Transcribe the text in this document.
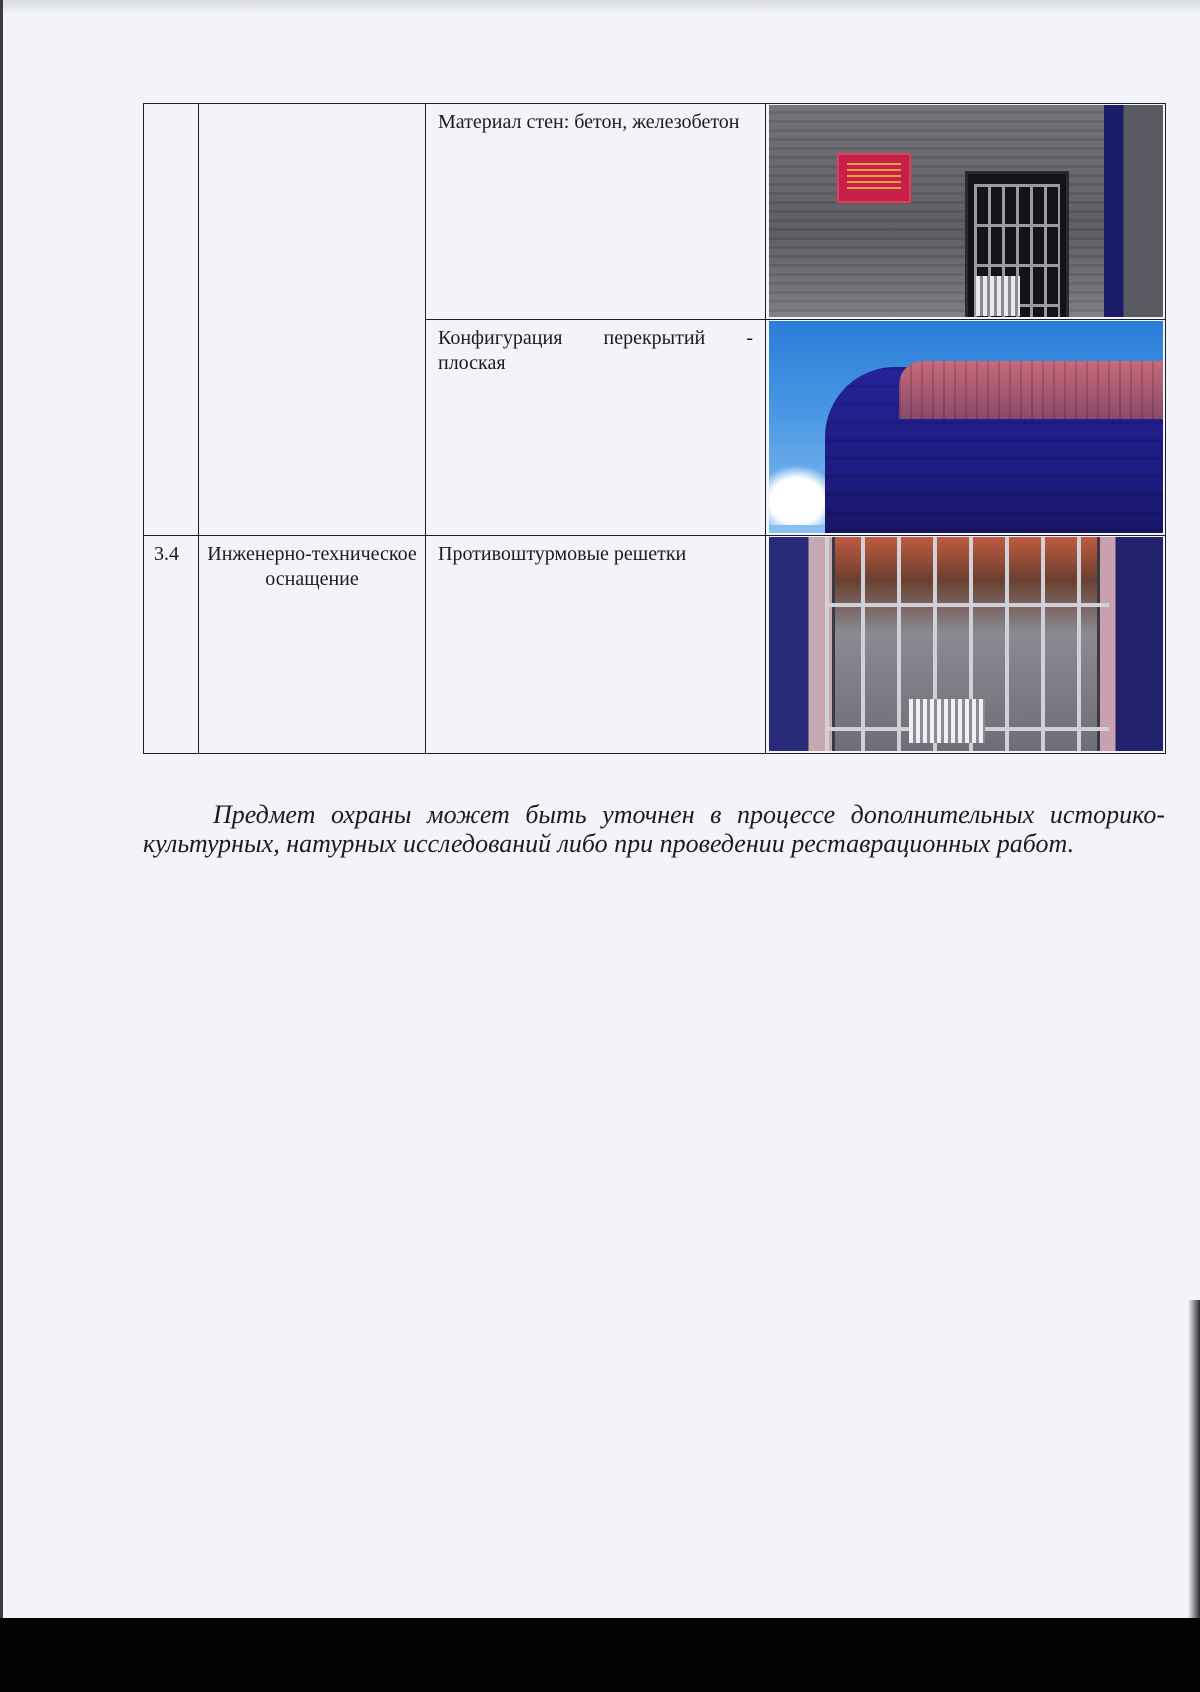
		Материал стен: бетон, железобетон	

		Конфигурация перекрытий - плоская	

3.4	Инженерно-техническое оснащение	Противоштурмовые решетки	

Предмет охраны может быть уточнен в процессе дополнительных историко-культурных, натурных исследований либо при проведении реставрационных работ.
